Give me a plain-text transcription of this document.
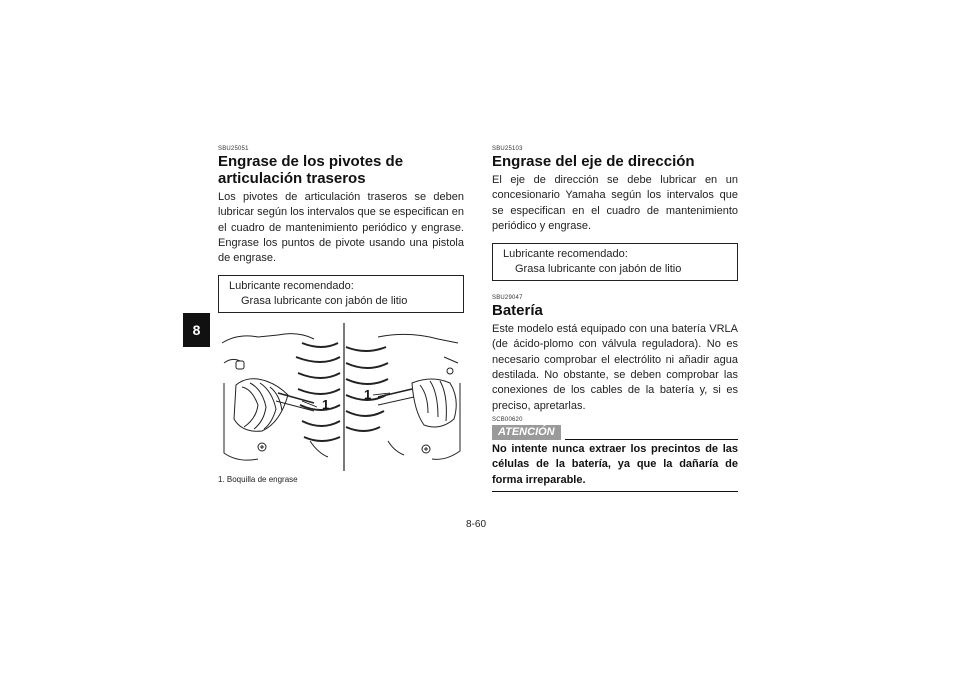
8
SBU25051
Engrase de los pivotes de articulación traseros

Los pivotes de articulación traseros se deben lubricar según los intervalos que se especifican en el cuadro de mantenimiento periódico y engrase. Engrase los puntos de pivote usando una pistola de engrase.

Lubricante recomendado:
Grasa lubricante con jabón de litio
1
1
1. Boquilla de engrase
SBU25103
Engrase del eje de dirección

El eje de dirección se debe lubricar en un concesionario Yamaha según los intervalos que se especifican en el cuadro de mantenimiento periódico y engrase.

Lubricante recomendado:
Grasa lubricante con jabón de litio
SBU29047
Batería

Este modelo está equipado con una batería VRLA (de ácido-plomo con válvula reguladora). No es necesario comprobar el electrólito ni añadir agua destilada. No obstante, se deben comprobar las conexiones de los cables de la batería y, si es preciso, apretarlas.

SCB00620
ATENCIÓN
No intente nunca extraer los precintos de las células de la batería, ya que la dañaría de forma irreparable.
8-60
